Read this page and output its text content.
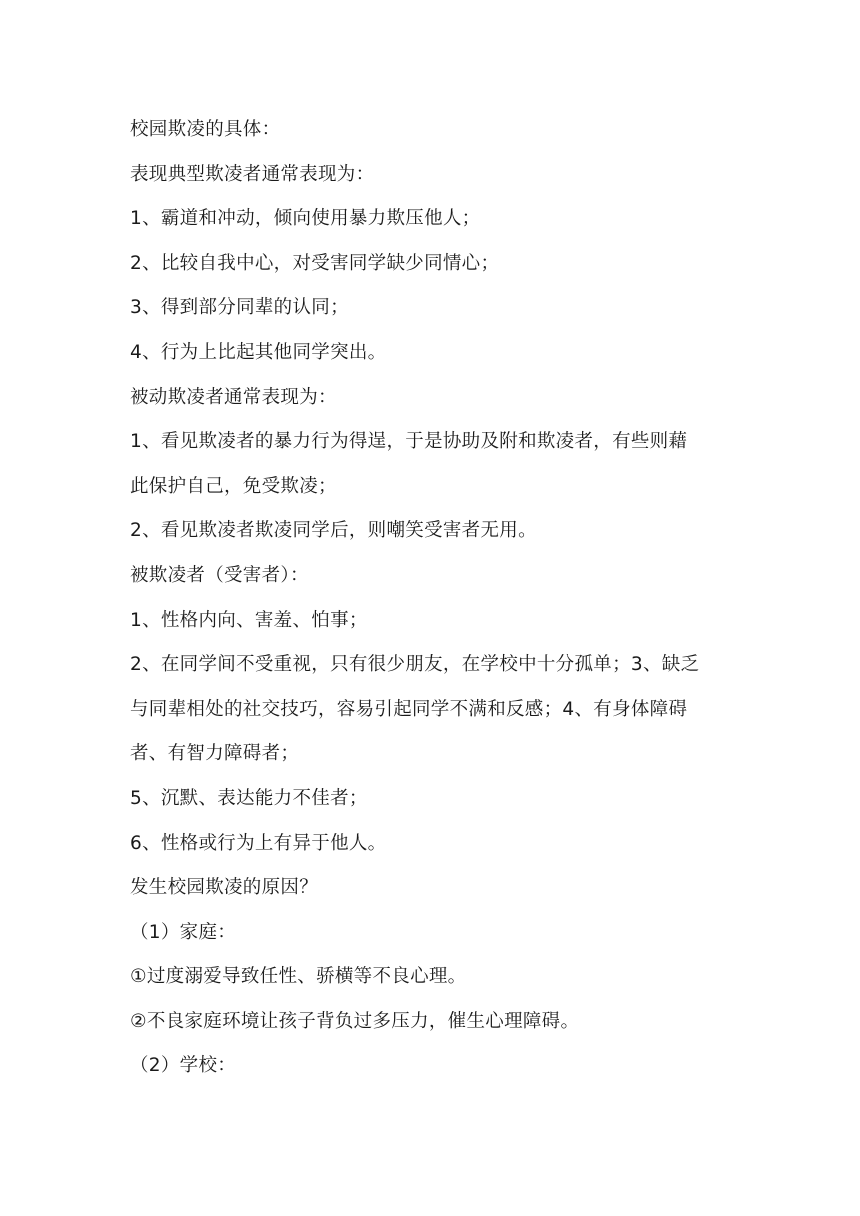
校园欺凌的具体：
表现典型欺凌者通常表现为：
1、霸道和冲动，倾向使用暴力欺压他人；
2、比较自我中心，对受害同学缺少同情心；
3、得到部分同辈的认同；
4、行为上比起其他同学突出。
被动欺凌者通常表现为：
1、看见欺凌者的暴力行为得逞，于是协助及附和欺凌者，有些则藉
此保护自己，免受欺凌；
2、看见欺凌者欺凌同学后，则嘲笑受害者无用。
被欺凌者（受害者）：
1、性格内向、害羞、怕事；
2、在同学间不受重视，只有很少朋友，在学校中十分孤单；3、缺乏
与同辈相处的社交技巧，容易引起同学不满和反感；4、有身体障碍
者、有智力障碍者；
5、沉默、表达能力不佳者；
6、性格或行为上有异于他人。
发生校园欺凌的原因？
（1）家庭：
①过度溺爱导致任性、骄横等不良心理。
②不良家庭环境让孩子背负过多压力，催生心理障碍。
（2）学校：
